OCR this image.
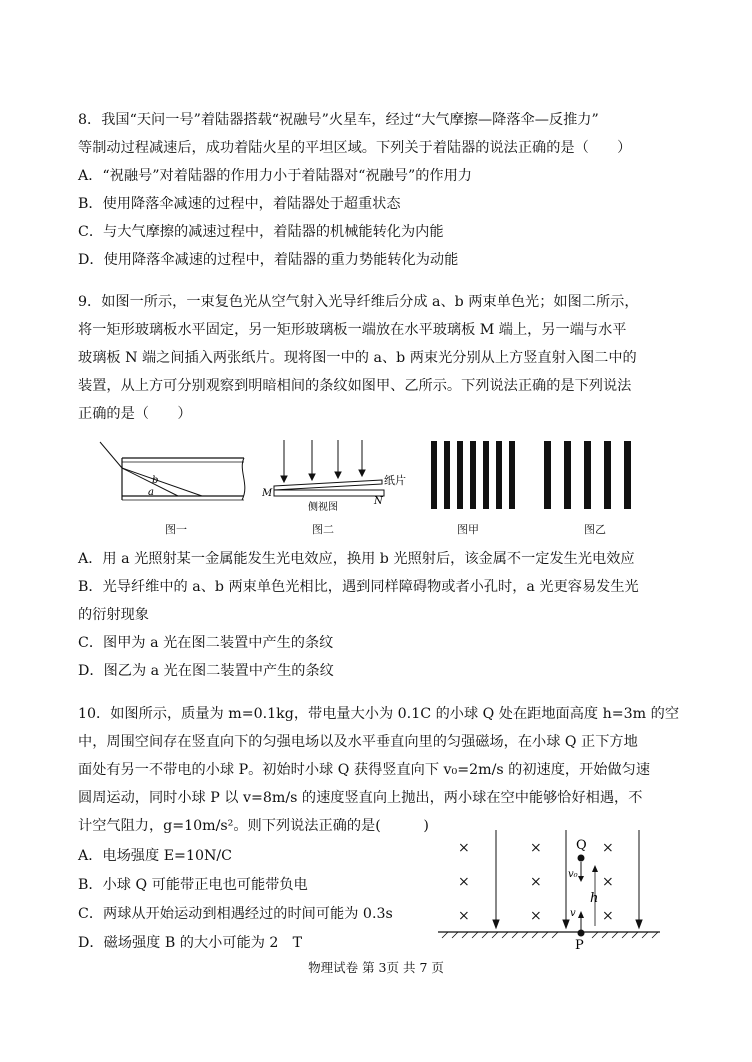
8．我国“天问一号”着陆器搭载“祝融号”火星车，经过“大气摩擦—降落伞—反推力”
等制动过程减速后，成功着陆火星的平坦区域。下列关于着陆器的说法正确的是（　　）
A．“祝融号”对着陆器的作用力小于着陆器对“祝融号”的作用力
B．使用降落伞减速的过程中，着陆器处于超重状态
C．与大气摩擦的减速过程中，着陆器的机械能转化为内能
D．使用降落伞减速的过程中，着陆器的重力势能转化为动能
9．如图一所示，一束复色光从空气射入光导纤维后分成 a、b 两束单色光；如图二所示，
将一矩形玻璃板水平固定，另一矩形玻璃板一端放在水平玻璃板 M 端上，另一端与水平
玻璃板 N 端之间插入两张纸片。现将图一中的 a、b 两束光分别从上方竖直射入图二中的
装置，从上方可分别观察到明暗相间的条纹如图甲、乙所示。下列说法正确的是下列说法
正确的是（　　）
b
a
图一
M
N
纸片
侧视图
图二	图甲	图乙
A．用 a 光照射某一金属能发生光电效应，换用 b 光照射后，该金属不一定发生光电效应
B．光导纤维中的 a、b 两束单色光相比，遇到同样障碍物或者小孔时，a 光更容易发生光
的衍射现象
C．图甲为 a 光在图二装置中产生的条纹
D．图乙为 a 光在图二装置中产生的条纹
10．如图所示，质量为 m=0.1kg，带电量大小为 0.1C 的小球 Q 处在距地面高度 h=3m 的空
中，周围空间存在竖直向下的匀强电场以及水平垂直向里的匀强磁场，在小球 Q 正下方地
面处有另一不带电的小球 P。初始时小球 Q 获得竖直向下 v₀=2m/s 的初速度，开始做匀速
圆周运动，同时小球 P 以 v=8m/s 的速度竖直向上抛出，两小球在空中能够恰好相遇，不
计空气阻力，g=10m/s²。则下列说法正确的是(　　　)
A．电场强度 E=10N/C
B．小球 Q 可能带正电也可能带负电
C．两球从开始运动到相遇经过的时间可能为 0.3s
D．磁场强度 B 的大小可能为 2　T
×	×	×
×	×	×
×	×	×
Q
v₀
h
v
P
物理试卷 第 3页 共 7 页
